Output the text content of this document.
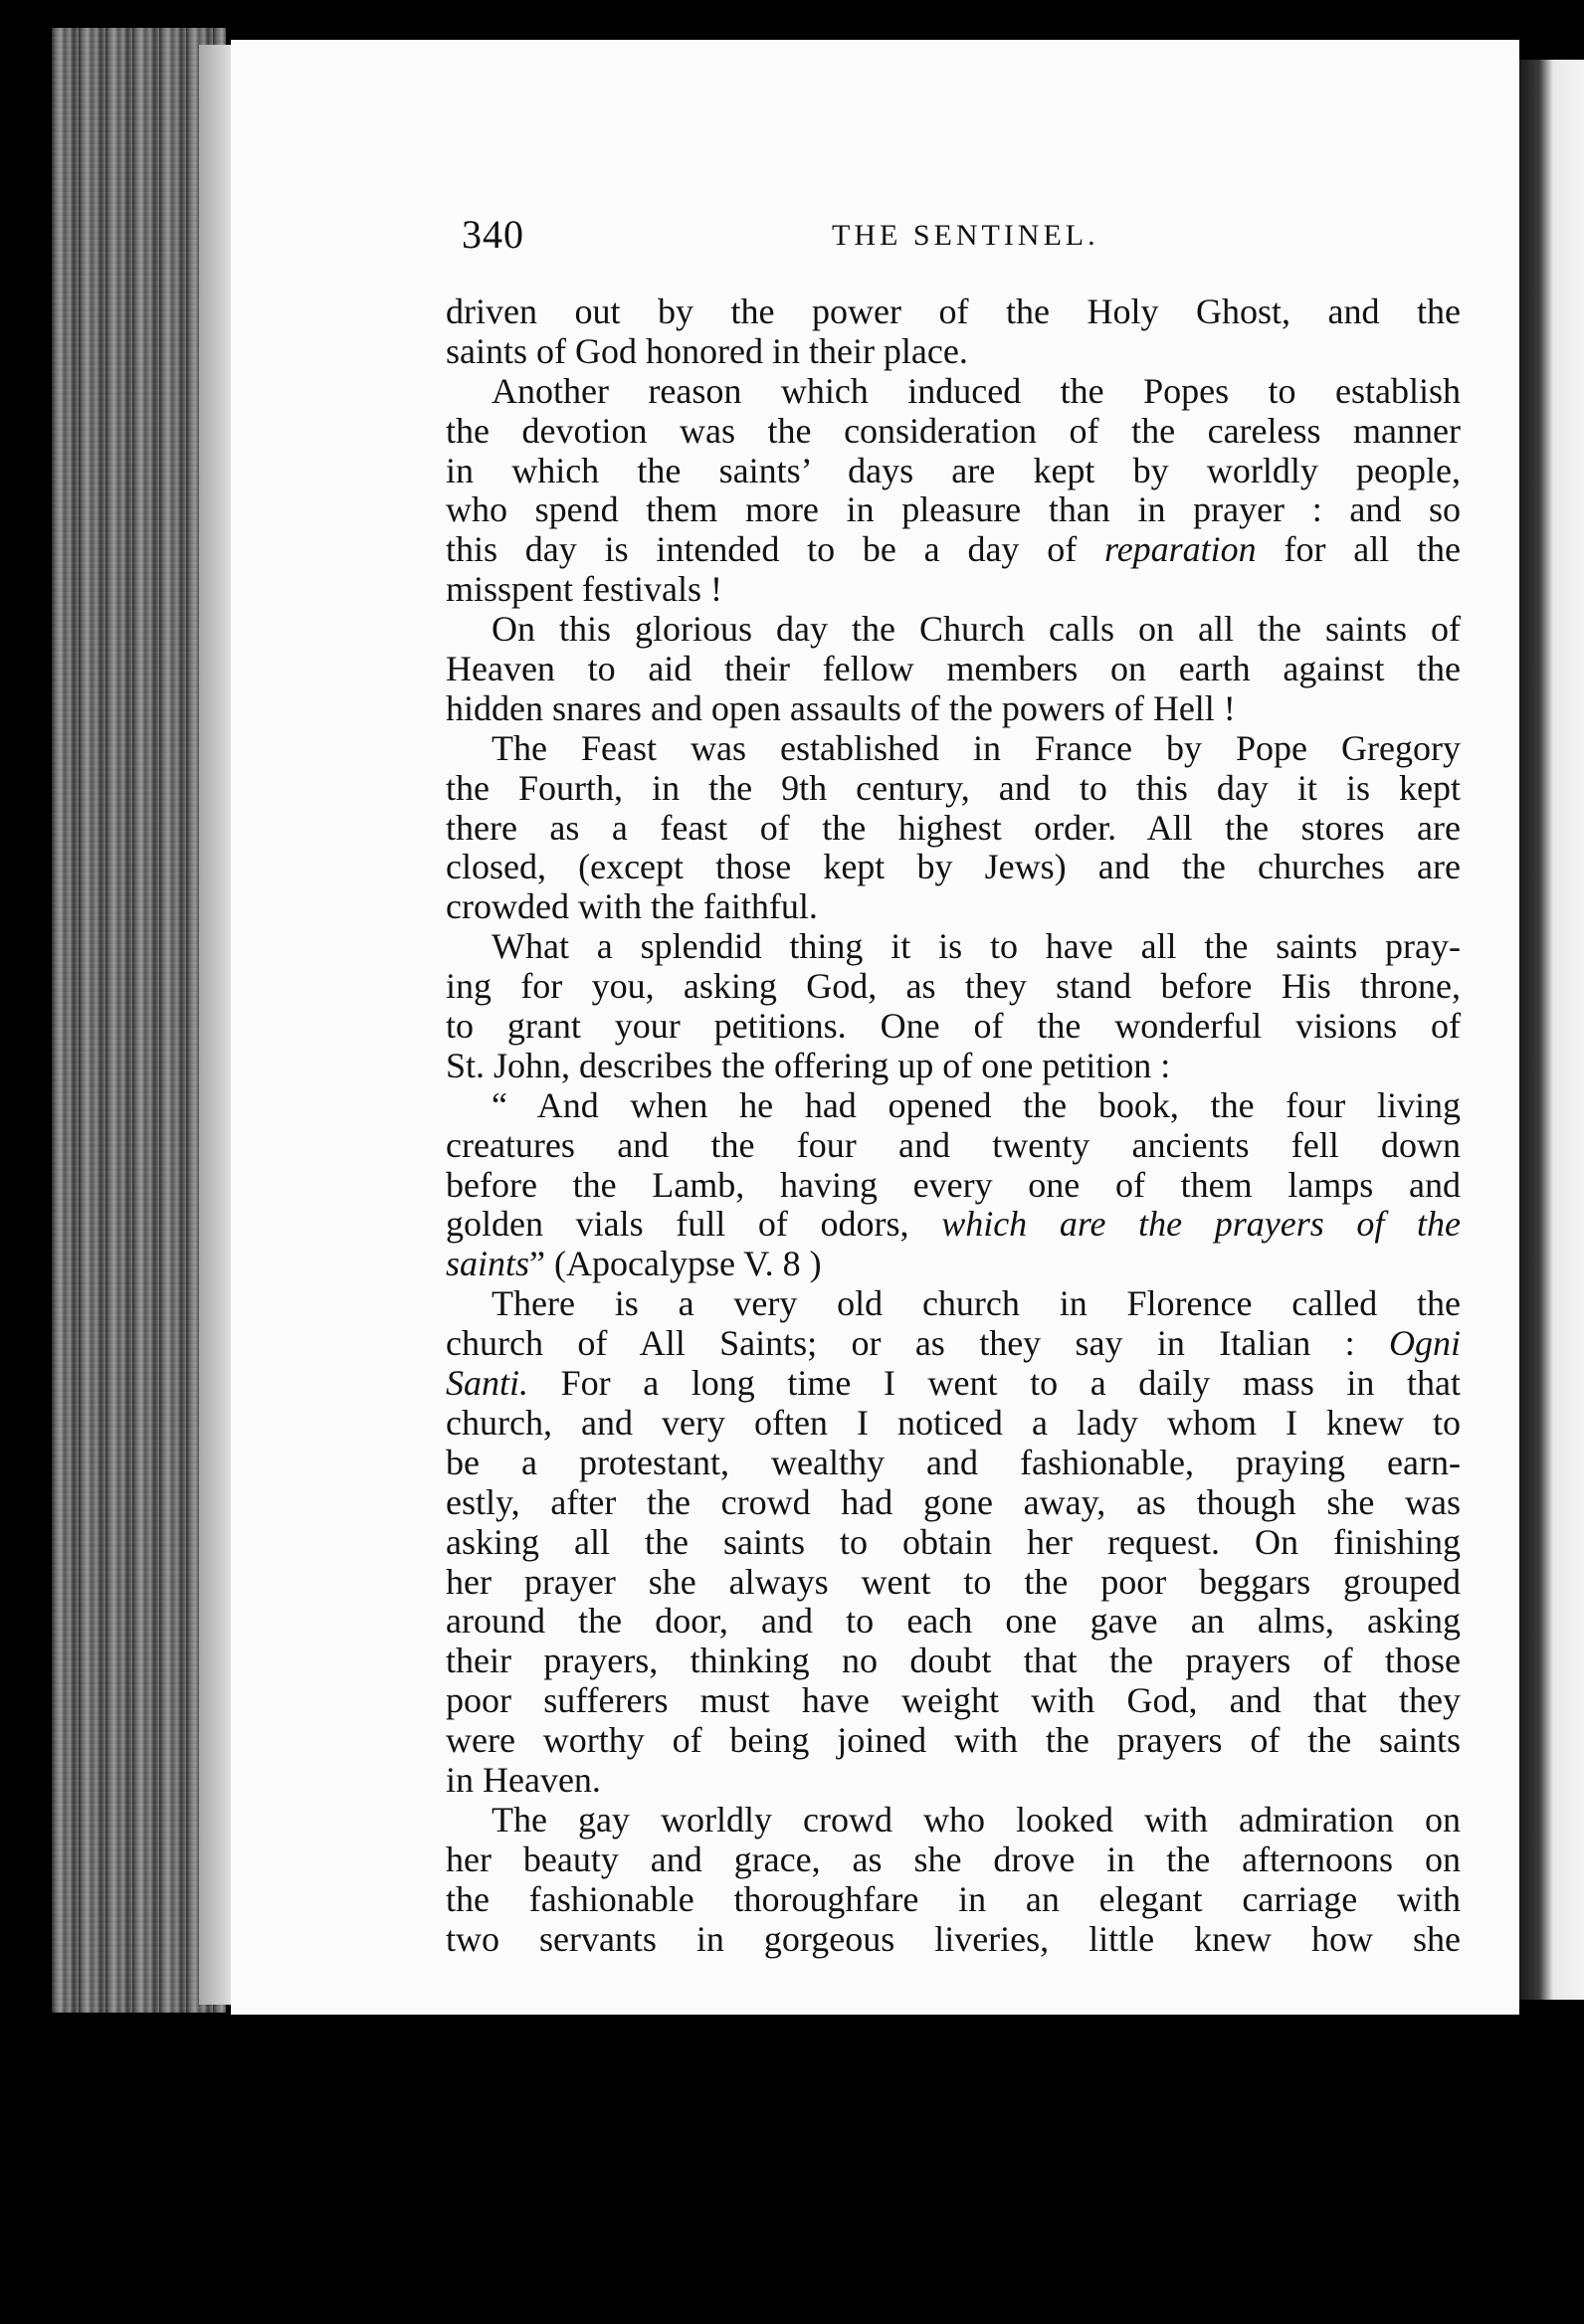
340	THE SENTINEL.
driven out by the power of the Holy Ghost, and the
saints of God honored in their place.
Another reason which induced the Popes to establish
the devotion was the consideration of the careless manner
in which the saints’ days are kept by worldly people,
who spend them more in pleasure than in prayer : and so
this day is intended to be a day of reparation for all the
misspent festivals !
On this glorious day the Church calls on all the saints of
Heaven to aid their fellow members on earth against the
hidden snares and open assaults of the powers of Hell !
The Feast was established in France by Pope Gregory
the Fourth, in the 9th century, and to this day it is kept
there as a feast of the highest order. All the stores are
closed, (except those kept by Jews) and the churches are
crowded with the faithful.
What a splendid thing it is to have all the saints pray-
ing for you, asking God, as they stand before His throne,
to grant your petitions. One of the wonderful visions of
St. John, describes the offering up of one petition :
“ And when he had opened the book, the four living
creatures and the four and twenty ancients fell down
before the Lamb, having every one of them lamps and
golden vials full of odors, which are the prayers of the
saints” (Apocalypse V. 8 )
There is a very old church in Florence called the
church of All Saints; or as they say in Italian : Ogni
Santi. For a long time I went to a daily mass in that
church, and very often I noticed a lady whom I knew to
be a protestant, wealthy and fashionable, praying earn-
estly, after the crowd had gone away, as though she was
asking all the saints to obtain her request. On finishing
her prayer she always went to the poor beggars grouped
around the door, and to each one gave an alms, asking
their prayers, thinking no doubt that the prayers of those
poor sufferers must have weight with God, and that they
were worthy of being joined with the prayers of the saints
in Heaven.
The gay worldly crowd who looked with admiration on
her beauty and grace, as she drove in the afternoons on
the fashionable thoroughfare in an elegant carriage with
two servants in gorgeous liveries, little knew how she
